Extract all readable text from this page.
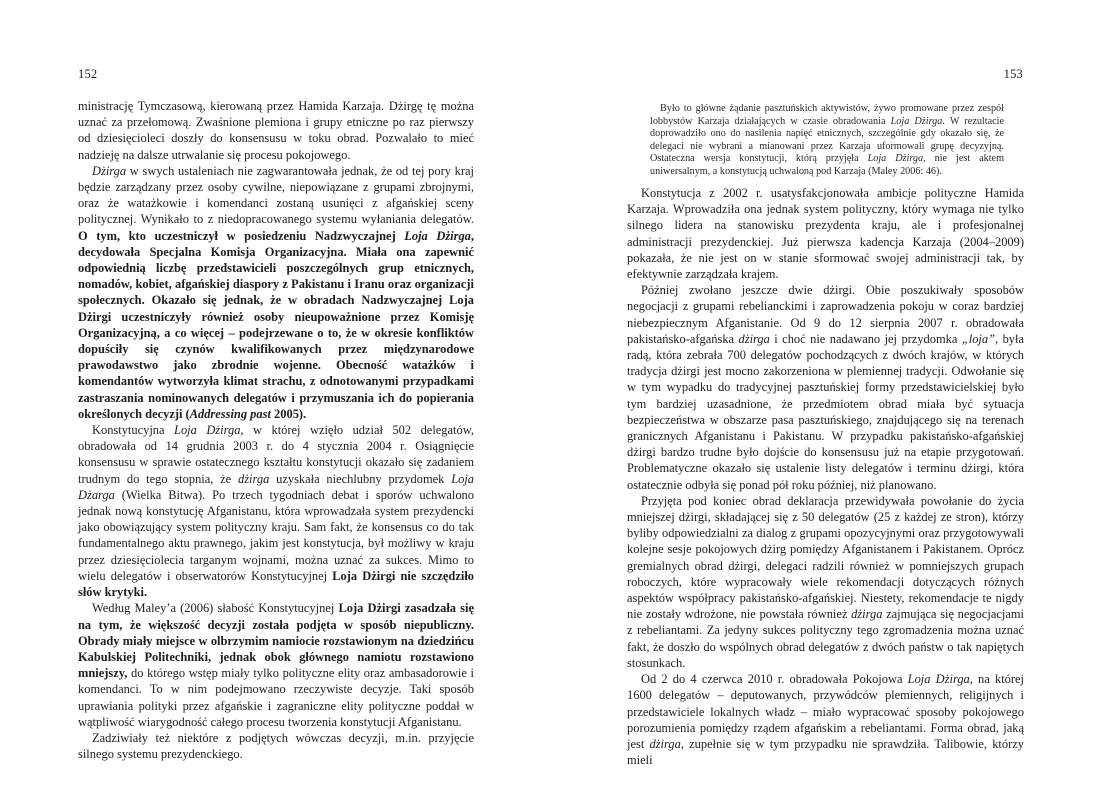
152

ministrację Tymczasową, kierowaną przez Hamida Karzaja. Dżirgę tę można uznać za przełomową. Zwaśnione plemiona i grupy etniczne po raz pierwszy od dziesięcioleci doszły do konsensusu w toku obrad. Pozwalało to mieć nadzieję na dalsze utrwalanie się procesu pokojowego.

Dżirga w swych ustaleniach nie zagwarantowała jednak, że od tej pory kraj będzie zarządzany przez osoby cywilne, niepowiązane z grupami zbrojnymi, oraz że watażkowie i komendanci zostaną usunięci z afgańskiej sceny politycznej. Wynikało to z niedopracowanego systemu wyłaniania delegatów. O tym, kto uczestniczył w posiedzeniu Nadzwyczajnej Loja Dżirga, decydowała Specjalna Komisja Organizacyjna. Miała ona zapewnić odpowiednią liczbę przedstawicieli poszczególnych grup etnicznych, nomadów, kobiet, afgańskiej diaspory z Pakistanu i Iranu oraz organizacji społecznych. Okazało się jednak, że w obradach Nadzwyczajnej Loja Dżirgi uczestniczyły również osoby nieupoważnione przez Komisję Organizacyjną, a co więcej – podejrzewane o to, że w okresie konfliktów dopuściły się czynów kwalifikowanych przez międzynarodowe prawodawstwo jako zbrodnie wojenne. Obecność watażków i komendantów wytworzyła klimat strachu, z odnotowanymi przypadkami zastraszania nominowanych delegatów i przymuszania ich do popierania określonych decyzji (Addressing past 2005).

Konstytucyjna Loja Dżirga, w której wzięło udział 502 delegatów, obradowała od 14 grudnia 2003 r. do 4 stycznia 2004 r. Osiągnięcie konsensusu w sprawie ostatecznego kształtu konstytucji okazało się zadaniem trudnym do tego stopnia, że dżirga uzyskała niechlubny przydomek Loja Dżarga (Wielka Bitwa). Po trzech tygodniach debat i sporów uchwalono jednak nową konstytucję Afganistanu, która wprowadzała system prezydencki jako obowiązujący system polityczny kraju. Sam fakt, że konsensus co do tak fundamentalnego aktu prawnego, jakim jest konstytucja, był możliwy w kraju przez dziesięciolecia targanym wojnami, można uznać za sukces. Mimo to wielu delegatów i obserwatorów Konstytucyjnej Loja Dżirgi nie szczędziło słów krytyki.

Według Maley’a (2006) słabość Konstytucyjnej Loja Dżirgi zasadzała się na tym, że większość decyzji została podjęta w sposób niepubliczny. Obrady miały miejsce w olbrzymim namiocie rozstawionym na dziedzińcu Kabulskiej Politechniki, jednak obok głównego namiotu rozstawiono mniejszy, do którego wstęp miały tylko polityczne elity oraz ambasadorowie i komendanci. To w nim podejmowano rzeczywiste decyzje. Taki sposób uprawiania polityki przez afgańskie i zagraniczne elity polityczne poddał w wątpliwość wiarygodność całego procesu tworzenia konstytucji Afganistanu.

Zadziwiały też niektóre z podjętych wówczas decyzji, m.in. przyjęcie silnego systemu prezydenckiego.

153

Było to główne żądanie pasztuńskich aktywistów, żywo promowane przez zespół lobbystów Karzaja działających w czasie obradowania Loja Dżirga. W rezultacie doprowadziło ono do nasilenia napięć etnicznych, szczególnie gdy okazało się, że delegaci nie wybrani a mianowani przez Karzaja uformowali grupę decyzyjną. Ostateczna wersja konstytucji, którą przyjęła Loja Dżirga, nie jest aktem uniwersalnym, a konstytucją uchwaloną pod Karzaja (Maley 2006: 46).

Konstytucja z 2002 r. usatysfakcjonowała ambicje polityczne Hamida Karzaja. Wprowadziła ona jednak system polityczny, który wymaga nie tylko silnego lidera na stanowisku prezydenta kraju, ale i profesjonalnej administracji prezydenckiej. Już pierwsza kadencja Karzaja (2004–2009) pokazała, że nie jest on w stanie sformować swojej administracji tak, by efektywnie zarządzała krajem.

Później zwołano jeszcze dwie dżirgi. Obie poszukiwały sposobów negocjacji z grupami rebelianckimi i zaprowadzenia pokoju w coraz bardziej niebezpiecznym Afganistanie. Od 9 do 12 sierpnia 2007 r. obradowała pakistańsko-afgańska dżirga i choć nie nadawano jej przydomka „loja”, była radą, która zebrała 700 delegatów pochodzących z dwóch krajów, w których tradycja dżirgi jest mocno zakorzeniona w plemiennej tradycji. Odwołanie się w tym wypadku do tradycyjnej pasztuńskiej formy przedstawicielskiej było tym bardziej uzasadnione, że przedmiotem obrad miała być sytuacja bezpieczeństwa w obszarze pasa pasztuńskiego, znajdującego się na terenach granicznych Afganistanu i Pakistanu. W przypadku pakistańsko-afgańskiej dżirgi bardzo trudne było dojście do konsensusu już na etapie przygotowań. Problematyczne okazało się ustalenie listy delegatów i terminu dżirgi, która ostatecznie odbyła się ponad pół roku później, niż planowano.

Przyjęta pod koniec obrad deklaracja przewidywała powołanie do życia mniejszej dżirgi, składającej się z 50 delegatów (25 z każdej ze stron), którzy byliby odpowiedzialni za dialog z grupami opozycyjnymi oraz przygotowywali kolejne sesje pokojowych dżirg pomiędzy Afganistanem i Pakistanem. Oprócz gremialnych obrad dżirgi, delegaci radzili również w pomniejszych grupach roboczych, które wypracowały wiele rekomendacji dotyczących różnych aspektów współpracy pakistańsko-afgańskiej. Niestety, rekomendacje te nigdy nie zostały wdrożone, nie powstała również dżirga zajmująca się negocjacjami z rebeliantami. Za jedyny sukces polityczny tego zgromadzenia można uznać fakt, że doszło do wspólnych obrad delegatów z dwóch państw o tak napiętych stosunkach.

Od 2 do 4 czerwca 2010 r. obradowała Pokojowa Loja Dżirga, na której 1600 delegatów – deputowanych, przywódców plemiennych, religijnych i przedstawiciele lokalnych władz – miało wypracować sposoby pokojowego porozumienia pomiędzy rządem afgańskim a rebeliantami. Forma obrad, jaką jest dżirga, zupełnie się w tym przypadku nie sprawdziła. Talibowie, którzy mieli
